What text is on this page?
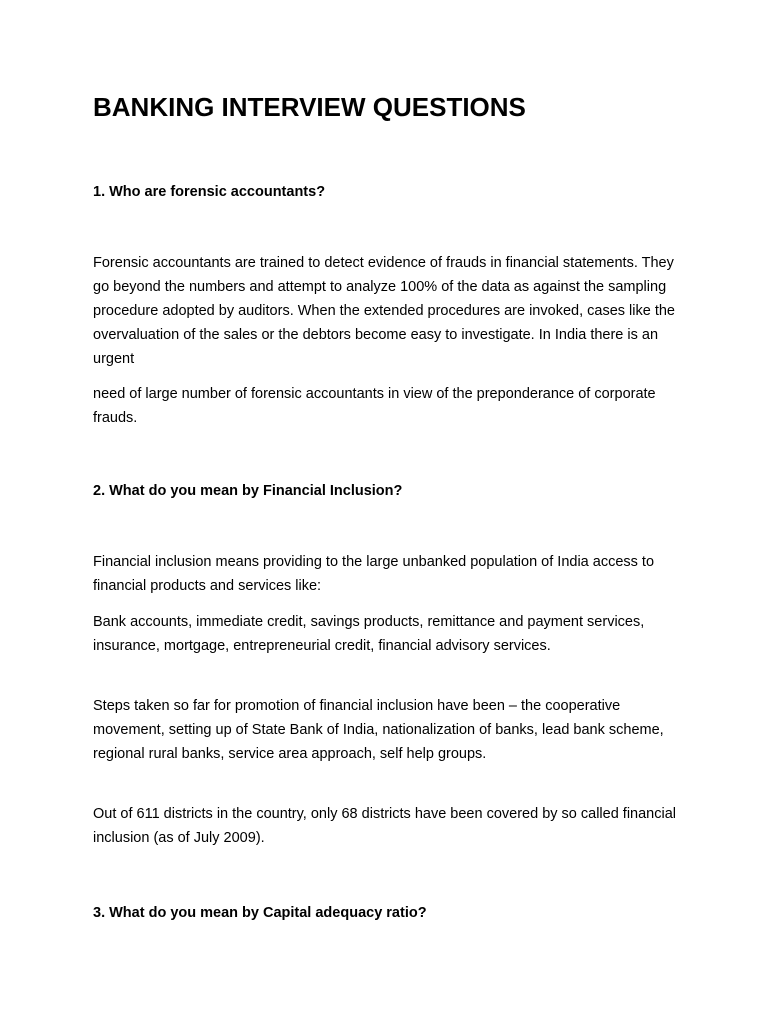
BANKING INTERVIEW QUESTIONS
1. Who are forensic accountants?

Forensic accountants are trained to detect evidence of frauds in financial statements. They go beyond the numbers and attempt to analyze 100% of the data as against the sampling procedure adopted by auditors. When the extended procedures are invoked, cases like the overvaluation of the sales or the debtors become easy to investigate. In India there is an urgent

need of large number of forensic accountants in view of the preponderance of corporate frauds.

2. What do you mean by Financial Inclusion?

Financial inclusion means providing to the large unbanked population of India access to financial products and services like:

Bank accounts, immediate credit, savings products, remittance and payment services, insurance, mortgage, entrepreneurial credit, financial advisory services.

Steps taken so far for promotion of financial inclusion have been – the cooperative movement, setting up of State Bank of India, nationalization of banks, lead bank scheme, regional rural banks, service area approach, self help groups.

Out of 611 districts in the country, only 68 districts have been covered by so called financial inclusion (as of July 2009).

3. What do you mean by Capital adequacy ratio?
